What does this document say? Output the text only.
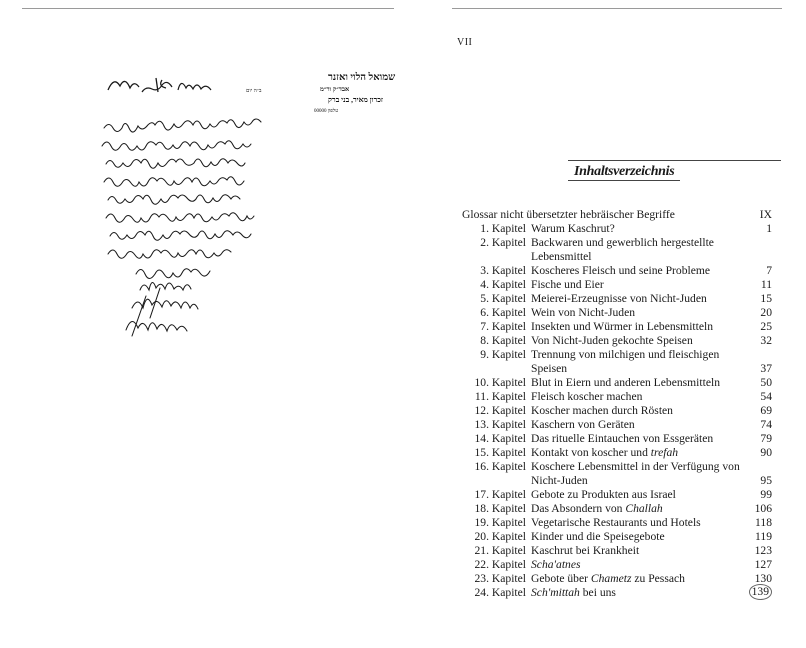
שמואל הלוי ואזנר
אבד״ק ור״מ
זכרון מאיר, בני ברק
טלפון 00000
ב״ה יום
VII
Inhaltsverzeichnis
Glossar nicht übersetzter hebräischer Begriffe	IX
1. Kapitel Warum Kaschrut?	1
2. Kapitel Backwaren und gewerblich hergestellte Lebensmittel
3. Kapitel Koscheres Fleisch und seine Probleme	7
4. Kapitel Fische und Eier	11
5. Kapitel Meierei-Erzeugnisse von Nicht-Juden	15
6. Kapitel Wein von Nicht-Juden	20
7. Kapitel Insekten und Würmer in Lebensmitteln	25
8. Kapitel Von Nicht-Juden gekochte Speisen	32
9. Kapitel Trennung von milchigen und fleischigen Speisen	37
10. Kapitel Blut in Eiern und anderen Lebensmitteln	50
11. Kapitel Fleisch koscher machen	54
12. Kapitel Koscher machen durch Rösten	69
13. Kapitel Kaschern von Geräten	74
14. Kapitel Das rituelle Eintauchen von Essgeräten	79
15. Kapitel Kontakt von koscher und trefah	90
16. Kapitel Koschere Lebensmittel in der Verfügung von Nicht-Juden	95
17. Kapitel Gebote zu Produkten aus Israel	99
18. Kapitel Das Absondern von Challah	106
19. Kapitel Vegetarische Restaurants und Hotels	118
20. Kapitel Kinder und die Speisegebote	119
21. Kapitel Kaschrut bei Krankheit	123
22. Kapitel Scha'atnes	127
23. Kapitel Gebote über Chametz zu Pessach	130
24. Kapitel Sch'mittah bei uns	139
